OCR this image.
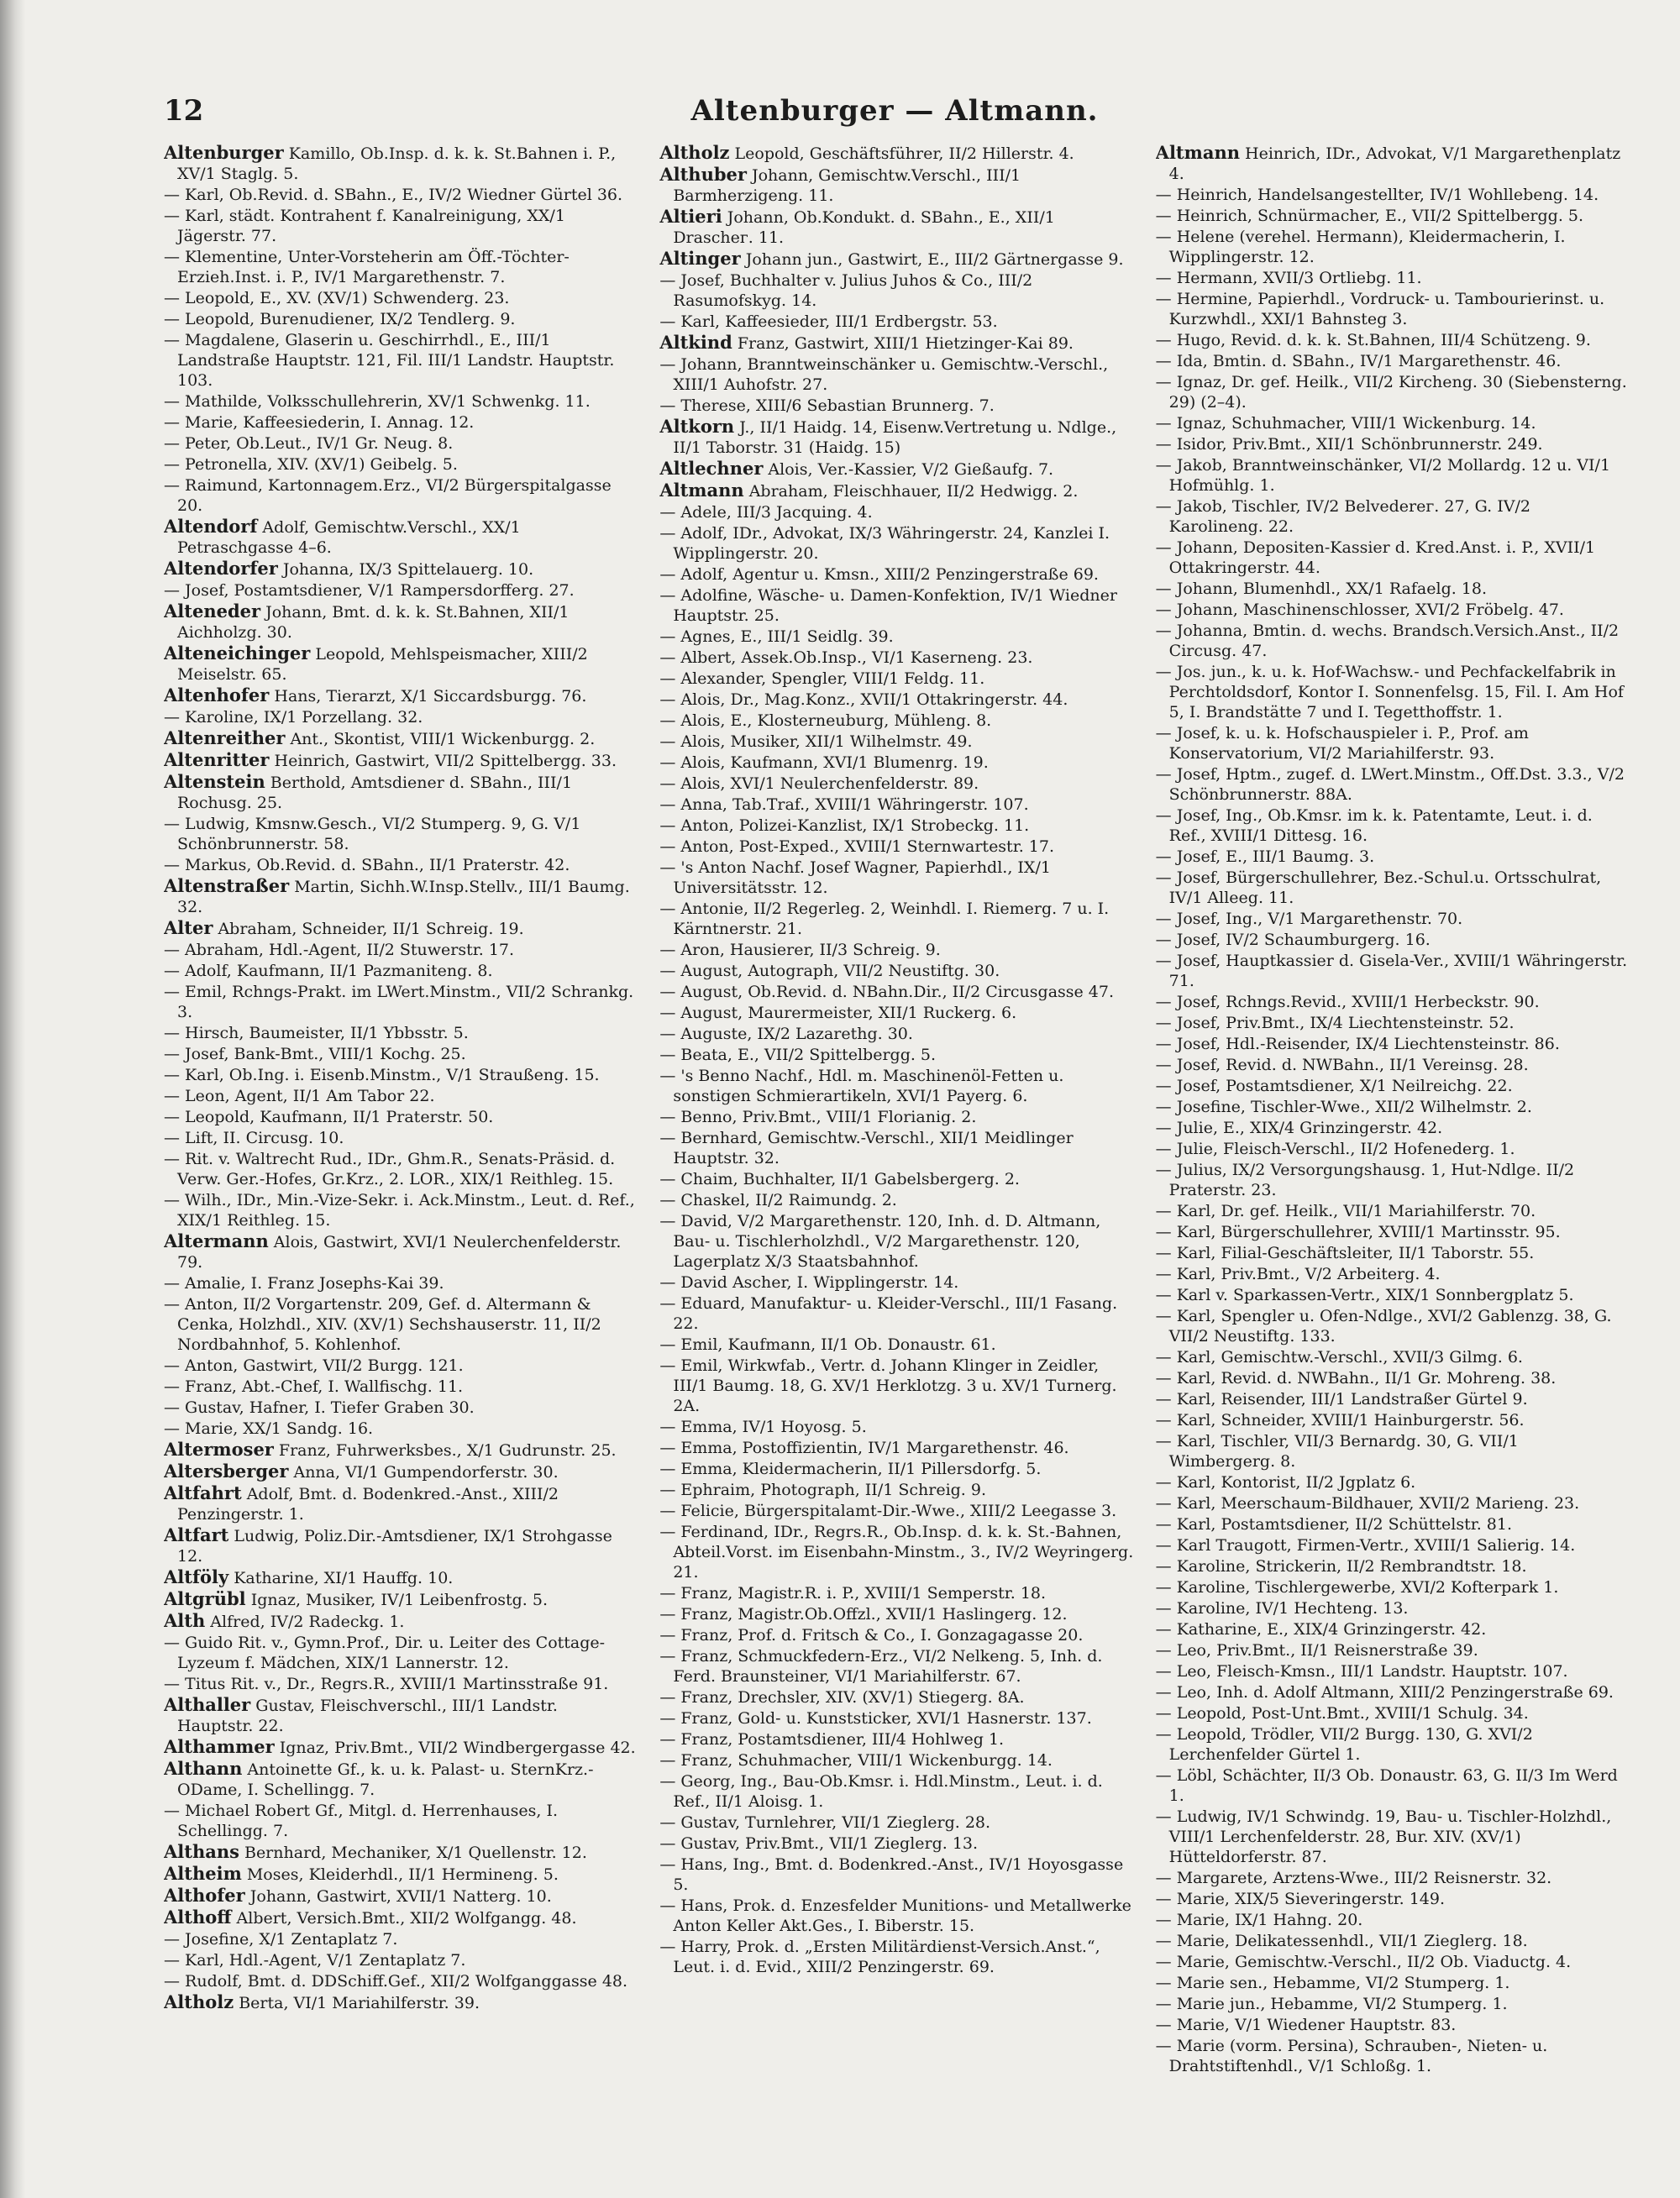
12	Altenburger — Altmann.
Altenburger Kamillo, Ob.Insp. d. k. k. St.Bahnen i. P., XV/1 Staglg. 5.
— Karl, Ob.Revid. d. SBahn., E., IV/2 Wiedner Gürtel 36.
— Karl, städt. Kontrahent f. Kanalreinigung, XX/1 Jägerstr. 77.
— Klementine, Unter-Vorsteherin am Öff.-Töchter-Erzieh.Inst. i. P., IV/1 Margarethenstr. 7.
— Leopold, E., XV. (XV/1) Schwenderg. 23.
— Leopold, Burenudiener, IX/2 Tendlerg. 9.
— Magdalene, Glaserin u. Geschirrhdl., E., III/1 Landstraße Hauptstr. 121, Fil. III/1 Landstr. Hauptstr. 103.
— Mathilde, Volksschullehrerin, XV/1 Schwenkg. 11.
— Marie, Kaffeesiederin, I. Annag. 12.
— Peter, Ob.Leut., IV/1 Gr. Neug. 8.
— Petronella, XIV. (XV/1) Geibelg. 5.
— Raimund, Kartonnagem.Erz., VI/2 Bürgerspitalgasse 20.
Altendorf Adolf, Gemischtw.Verschl., XX/1 Petraschgasse 4–6.
Altendorfer Johanna, IX/3 Spittelauerg. 10.
— Josef, Postamtsdiener, V/1 Rampersdorfferg. 27.
Alteneder Johann, Bmt. d. k. k. St.Bahnen, XII/1 Aichholzg. 30.
Alteneichinger Leopold, Mehlspeismacher, XIII/2 Meiselstr. 65.
Altenhofer Hans, Tierarzt, X/1 Siccardsburgg. 76.
— Karoline, IX/1 Porzellang. 32.
Altenreither Ant., Skontist, VIII/1 Wickenburgg. 2.
Altenritter Heinrich, Gastwirt, VII/2 Spittelbergg. 33.
Altenstein Berthold, Amtsdiener d. SBahn., III/1 Rochusg. 25.
— Ludwig, Kmsnw.Gesch., VI/2 Stumperg. 9, G. V/1 Schönbrunnerstr. 58.
— Markus, Ob.Revid. d. SBahn., II/1 Praterstr. 42.
Altenstraßer Martin, Sichh.W.Insp.Stellv., III/1 Baumg. 32.
Alter Abraham, Schneider, II/1 Schreig. 19.
— Abraham, Hdl.-Agent, II/2 Stuwerstr. 17.
— Adolf, Kaufmann, II/1 Pazmaniteng. 8.
— Emil, Rchngs-Prakt. im LWert.Minstm., VII/2 Schrankg. 3.
— Hirsch, Baumeister, II/1 Ybbsstr. 5.
— Josef, Bank-Bmt., VIII/1 Kochg. 25.
— Karl, Ob.Ing. i. Eisenb.Minstm., V/1 Straußeng. 15.
— Leon, Agent, II/1 Am Tabor 22.
— Leopold, Kaufmann, II/1 Praterstr. 50.
— Lift, II. Circusg. 10.
— Rit. v. Waltrecht Rud., IDr., Ghm.R., Senats-Präsid. d. Verw. Ger.-Hofes, Gr.Krz., 2. LOR., XIX/1 Reithleg. 15.
— Wilh., IDr., Min.-Vize-Sekr. i. Ack.Minstm., Leut. d. Ref., XIX/1 Reithleg. 15.
Altermann Alois, Gastwirt, XVI/1 Neulerchenfelderstr. 79.
— Amalie, I. Franz Josephs-Kai 39.
— Anton, II/2 Vorgartenstr. 209, Gef. d. Altermann & Cenka, Holzhdl., XIV. (XV/1) Sechshauserstr. 11, II/2 Nordbahnhof, 5. Kohlenhof.
— Anton, Gastwirt, VII/2 Burgg. 121.
— Franz, Abt.-Chef, I. Wallfischg. 11.
— Gustav, Hafner, I. Tiefer Graben 30.
— Marie, XX/1 Sandg. 16.
Altermoser Franz, Fuhrwerksbes., X/1 Gudrunstr. 25.
Altersberger Anna, VI/1 Gumpendorferstr. 30.
Altfahrt Adolf, Bmt. d. Bodenkred.-Anst., XIII/2 Penzingerstr. 1.
Altfart Ludwig, Poliz.Dir.-Amtsdiener, IX/1 Strohgasse 12.
Altföly Katharine, XI/1 Hauffg. 10.
Altgrübl Ignaz, Musiker, IV/1 Leibenfrostg. 5.
Alth Alfred, IV/2 Radeckg. 1.
— Guido Rit. v., Gymn.Prof., Dir. u. Leiter des Cottage-Lyzeum f. Mädchen, XIX/1 Lannerstr. 12.
— Titus Rit. v., Dr., Regrs.R., XVIII/1 Martinsstraße 91.
Althaller Gustav, Fleischverschl., III/1 Landstr. Hauptstr. 22.
Althammer Ignaz, Priv.Bmt., VII/2 Windbergergasse 42.
Althann Antoinette Gf., k. u. k. Palast- u. SternKrz.-ODame, I. Schellingg. 7.
— Michael Robert Gf., Mitgl. d. Herrenhauses, I. Schellingg. 7.
Althans Bernhard, Mechaniker, X/1 Quellenstr. 12.
Altheim Moses, Kleiderhdl., II/1 Hermineng. 5.
Althofer Johann, Gastwirt, XVII/1 Natterg. 10.
Althoff Albert, Versich.Bmt., XII/2 Wolfgangg. 48.
— Josefine, X/1 Zentaplatz 7.
— Karl, Hdl.-Agent, V/1 Zentaplatz 7.
— Rudolf, Bmt. d. DDSchiff.Gef., XII/2 Wolfganggasse 48.
Altholz Berta, VI/1 Mariahilferstr. 39.
Altholz Leopold, Geschäftsführer, II/2 Hillerstr. 4.
Althuber Johann, Gemischtw.Verschl., III/1 Barmherzigeng. 11.
Altieri Johann, Ob.Kondukt. d. SBahn., E., XII/1 Draschег. 11.
Altinger Johann jun., Gastwirt, E., III/2 Gärtnergasse 9.
— Josef, Buchhalter v. Julius Juhos & Co., III/2 Rasumofskyg. 14.
— Karl, Kaffeesieder, III/1 Erdbergstr. 53.
Altkind Franz, Gastwirt, XIII/1 Hietzinger-Kai 89.
— Johann, Branntweinschänker u. Gemischtw.-Verschl., XIII/1 Auhofstr. 27.
— Therese, XIII/6 Sebastian Brunnerg. 7.
Altkorn J., II/1 Haidg. 14, Eisenw.Vertretung u. Ndlge., II/1 Taborstr. 31 (Haidg. 15)
Altlechner Alois, Ver.-Kassier, V/2 Gießaufg. 7.
Altmann Abraham, Fleischhauer, II/2 Hedwigg. 2.
— Adele, III/3 Jacquing. 4.
— Adolf, IDr., Advokat, IX/3 Währingerstr. 24, Kanzlei I. Wipplingerstr. 20.
— Adolf, Agentur u. Kmsn., XIII/2 Penzingerstraße 69.
— Adolfine, Wäsche- u. Damen-Konfektion, IV/1 Wiedner Hauptstr. 25.
— Agnes, E., III/1 Seidlg. 39.
— Albert, Assek.Ob.Insp., VI/1 Kaserneng. 23.
— Alexander, Spengler, VIII/1 Feldg. 11.
— Alois, Dr., Mag.Konz., XVII/1 Ottakringerstr. 44.
— Alois, E., Klosterneuburg, Mühleng. 8.
— Alois, Musiker, XII/1 Wilhelmstr. 49.
— Alois, Kaufmann, XVI/1 Blumenrg. 19.
— Alois, XVI/1 Neulerchenfelderstr. 89.
— Anna, Tab.Traf., XVIII/1 Währingerstr. 107.
— Anton, Polizei-Kanzlist, IX/1 Strobeckg. 11.
— Anton, Post-Exped., XVIII/1 Sternwartestr. 17.
— 's Anton Nachf. Josef Wagner, Papierhdl., IX/1 Universitätsstr. 12.
— Antonie, II/2 Regerleg. 2, Weinhdl. I. Riemerg. 7 u. I. Kärntnerstr. 21.
— Aron, Hausierer, II/3 Schreig. 9.
— August, Autograph, VII/2 Neustiftg. 30.
— August, Ob.Revid. d. NBahn.Dir., II/2 Circusgasse 47.
— August, Maurermeister, XII/1 Ruckerg. 6.
— Auguste, IX/2 Lazarethg. 30.
— Beata, E., VII/2 Spittelbergg. 5.
— 's Benno Nachf., Hdl. m. Maschinenöl-Fetten u. sonstigen Schmierartikeln, XVI/1 Payerg. 6.
— Benno, Priv.Bmt., VIII/1 Florianig. 2.
— Bernhard, Gemischtw.-Verschl., XII/1 Meidlinger Hauptstr. 32.
— Chaim, Buchhalter, II/1 Gabelsbergerg. 2.
— Chaskel, II/2 Raimundg. 2.
— David, V/2 Margarethenstr. 120, Inh. d. D. Altmann, Bau- u. Tischlerholzhdl., V/2 Margarethenstr. 120, Lagerplatz X/3 Staatsbahnhof.
— David Ascher, I. Wipplingerstr. 14.
— Eduard, Manufaktur- u. Kleider-Verschl., III/1 Fasang. 22.
— Emil, Kaufmann, II/1 Ob. Donaustr. 61.
— Emil, Wirkwfab., Vertr. d. Johann Klinger in Zeidler, III/1 Baumg. 18, G. XV/1 Herklotzg. 3 u. XV/1 Turnerg. 2A.
— Emma, IV/1 Hoyosg. 5.
— Emma, Postoffizientin, IV/1 Margarethenstr. 46.
— Emma, Kleidermacherin, II/1 Pillersdorfg. 5.
— Ephraim, Photograph, II/1 Schreig. 9.
— Felicie, Bürgerspitalamt-Dir.-Wwe., XIII/2 Leegasse 3.
— Ferdinand, IDr., Regrs.R., Ob.Insp. d. k. k. St.-Bahnen, Abteil.Vorst. im Eisenbahn-Minstm., 3., IV/2 Weyringerg. 21.
— Franz, Magistr.R. i. P., XVIII/1 Semperstr. 18.
— Franz, Magistr.Ob.Offzl., XVII/1 Haslingerg. 12.
— Franz, Prof. d. Fritsch & Co., I. Gonzagagasse 20.
— Franz, Schmuckfedern-Erz., VI/2 Nelkeng. 5, Inh. d. Ferd. Braunsteiner, VI/1 Mariahilferstr. 67.
— Franz, Drechsler, XIV. (XV/1) Stiegerg. 8A.
— Franz, Gold- u. Kunststicker, XVI/1 Hasnerstr. 137.
— Franz, Postamtsdiener, III/4 Hohlweg 1.
— Franz, Schuhmacher, VIII/1 Wickenburgg. 14.
— Georg, Ing., Bau-Ob.Kmsr. i. Hdl.Minstm., Leut. i. d. Ref., II/1 Aloisg. 1.
— Gustav, Turnlehrer, VII/1 Zieglerg. 28.
— Gustav, Priv.Bmt., VII/1 Zieglerg. 13.
— Hans, Ing., Bmt. d. Bodenkred.-Anst., IV/1 Hoyosgasse 5.
— Hans, Prok. d. Enzesfelder Munitions- und Metallwerke Anton Keller Akt.Ges., I. Biberstr. 15.
— Harry, Prok. d. „Ersten Militärdienst-Versich.Anst.“, Leut. i. d. Evid., XIII/2 Penzingerstr. 69.
Altmann Heinrich, IDr., Advokat, V/1 Margarethenplatz 4.
— Heinrich, Handelsangestellter, IV/1 Wohllebeng. 14.
— Heinrich, Schnürmacher, E., VII/2 Spittelbergg. 5.
— Helene (verehel. Hermann), Kleidermacherin, I. Wipplingerstr. 12.
— Hermann, XVII/3 Ortliebg. 11.
— Hermine, Papierhdl., Vordruck- u. Tambourierinst. u. Kurzwhdl., XXI/1 Bahnsteg 3.
— Hugo, Revid. d. k. k. St.Bahnen, III/4 Schützeng. 9.
— Ida, Bmtin. d. SBahn., IV/1 Margarethenstr. 46.
— Ignaz, Dr. gef. Heilk., VII/2 Kirchеng. 30 (Siebensterng. 29) (2–4).
— Ignaz, Schuhmacher, VIII/1 Wickenburg. 14.
— Isidor, Priv.Bmt., XII/1 Schönbrunnerstr. 249.
— Jakob, Branntweinschänker, VI/2 Mollardg. 12 u. VI/1 Hofmühlg. 1.
— Jakob, Tischler, IV/2 Belvederег. 27, G. IV/2 Karolineng. 22.
— Johann, Depositen-Kassier d. Kred.Anst. i. P., XVII/1 Ottakringerstr. 44.
— Johann, Blumenhdl., XX/1 Rafaelg. 18.
— Johann, Maschinenschlosser, XVI/2 Fröbelg. 47.
— Johanna, Bmtin. d. wechs. Brandsch.Versich.Anst., II/2 Circusg. 47.
— Jos. jun., k. u. k. Hof-Wachsw.- und Pechfackelfabrik in Perchtoldsdorf, Kontor I. Sonnenfelsg. 15, Fil. I. Am Hof 5, I. Brandstätte 7 und I. Tegetthoffstr. 1.
— Josef, k. u. k. Hofschauspieler i. P., Prof. am Konservatorium, VI/2 Mariahilferstr. 93.
— Josef, Hptm., zugef. d. LWert.Minstm., Off.Dst. 3.3., V/2 Schönbrunnerstr. 88A.
— Josef, Ing., Ob.Kmsr. im k. k. Patentamte, Leut. i. d. Ref., XVIII/1 Dittesg. 16.
— Josef, E., III/1 Baumg. 3.
— Josef, Bürgerschullehrer, Bez.-Schul.u. Ortsschulrat, IV/1 Alleeg. 11.
— Josef, Ing., V/1 Margarethenstr. 70.
— Josef, IV/2 Schaumburgerg. 16.
— Josef, Hauptkassier d. Gisela-Ver., XVIII/1 Währingerstr. 71.
— Josef, Rchngs.Revid., XVIII/1 Herbeckstr. 90.
— Josef, Priv.Bmt., IX/4 Liechtensteinstr. 52.
— Josef, Hdl.-Reisender, IX/4 Liechtensteinstr. 86.
— Josef, Revid. d. NWBahn., II/1 Vereinsg. 28.
— Josef, Postamtsdiener, X/1 Neilreichg. 22.
— Josefine, Tischler-Wwe., XII/2 Wilhelmstr. 2.
— Julie, E., XIX/4 Grinzingerstr. 42.
— Julie, Fleisch-Verschl., II/2 Hofenederg. 1.
— Julius, IX/2 Versorgungshausg. 1, Hut-Ndlge. II/2 Praterstr. 23.
— Karl, Dr. gef. Heilk., VII/1 Mariahilferstr. 70.
— Karl, Bürgerschullehrer, XVIII/1 Martinsstr. 95.
— Karl, Filial-Geschäftsleiter, II/1 Taborstr. 55.
— Karl, Priv.Bmt., V/2 Arbeiterg. 4.
— Karl v. Sparkassen-Vertr., XIX/1 Sonnbergplatz 5.
— Karl, Spengler u. Ofen-Ndlge., XVI/2 Gablenzg. 38, G. VII/2 Neustiftg. 133.
— Karl, Gemischtw.-Verschl., XVII/3 Gilmg. 6.
— Karl, Revid. d. NWBahn., II/1 Gr. Mohreng. 38.
— Karl, Reisender, III/1 Landstraßer Gürtel 9.
— Karl, Schneider, XVIII/1 Hainburgerstr. 56.
— Karl, Tischler, VII/3 Bernardg. 30, G. VII/1 Wimbergerg. 8.
— Karl, Kontorist, II/2 Jgplatz 6.
— Karl, Meerschaum-Bildhauer, XVII/2 Marieng. 23.
— Karl, Postamtsdiener, II/2 Schüttelstr. 81.
— Karl Traugott, Firmen-Vertr., XVIII/1 Salierig. 14.
— Karoline, Strickerin, II/2 Rembrandtstr. 18.
— Karoline, Tischlergewerbe, XVI/2 Kofterpark 1.
— Karoline, IV/1 Hechteng. 13.
— Katharine, E., XIX/4 Grinzingerstr. 42.
— Leo, Priv.Bmt., II/1 Reisnerstraße 39.
— Leo, Fleisch-Kmsn., III/1 Landstr. Hauptstr. 107.
— Leo, Inh. d. Adolf Altmann, XIII/2 Penzingerstraße 69.
— Leopold, Post-Unt.Bmt., XVIII/1 Schulg. 34.
— Leopold, Trödler, VII/2 Burgg. 130, G. XVI/2 Lerchenfelder Gürtel 1.
— Löbl, Schächter, II/3 Ob. Donaustr. 63, G. II/3 Im Werd 1.
— Ludwig, IV/1 Schwindg. 19, Bau- u. Tischler-Holzhdl., VIII/1 Lerchenfelderstr. 28, Bur. XIV. (XV/1) Hütteldorferstr. 87.
— Margarete, Arztens-Wwe., III/2 Reisnerstr. 32.
— Marie, XIX/5 Sieveringerstr. 149.
— Marie, IX/1 Hahng. 20.
— Marie, Delikatessenhdl., VII/1 Zieglerg. 18.
— Marie, Gemischtw.-Verschl., II/2 Ob. Viaductg. 4.
— Marie sen., Hebamme, VI/2 Stumperg. 1.
— Marie jun., Hebamme, VI/2 Stumperg. 1.
— Marie, V/1 Wiedener Hauptstr. 83.
— Marie (vorm. Persina), Schrauben-, Nieten- u. Drahtstiftenhdl., V/1 Schloßg. 1.
